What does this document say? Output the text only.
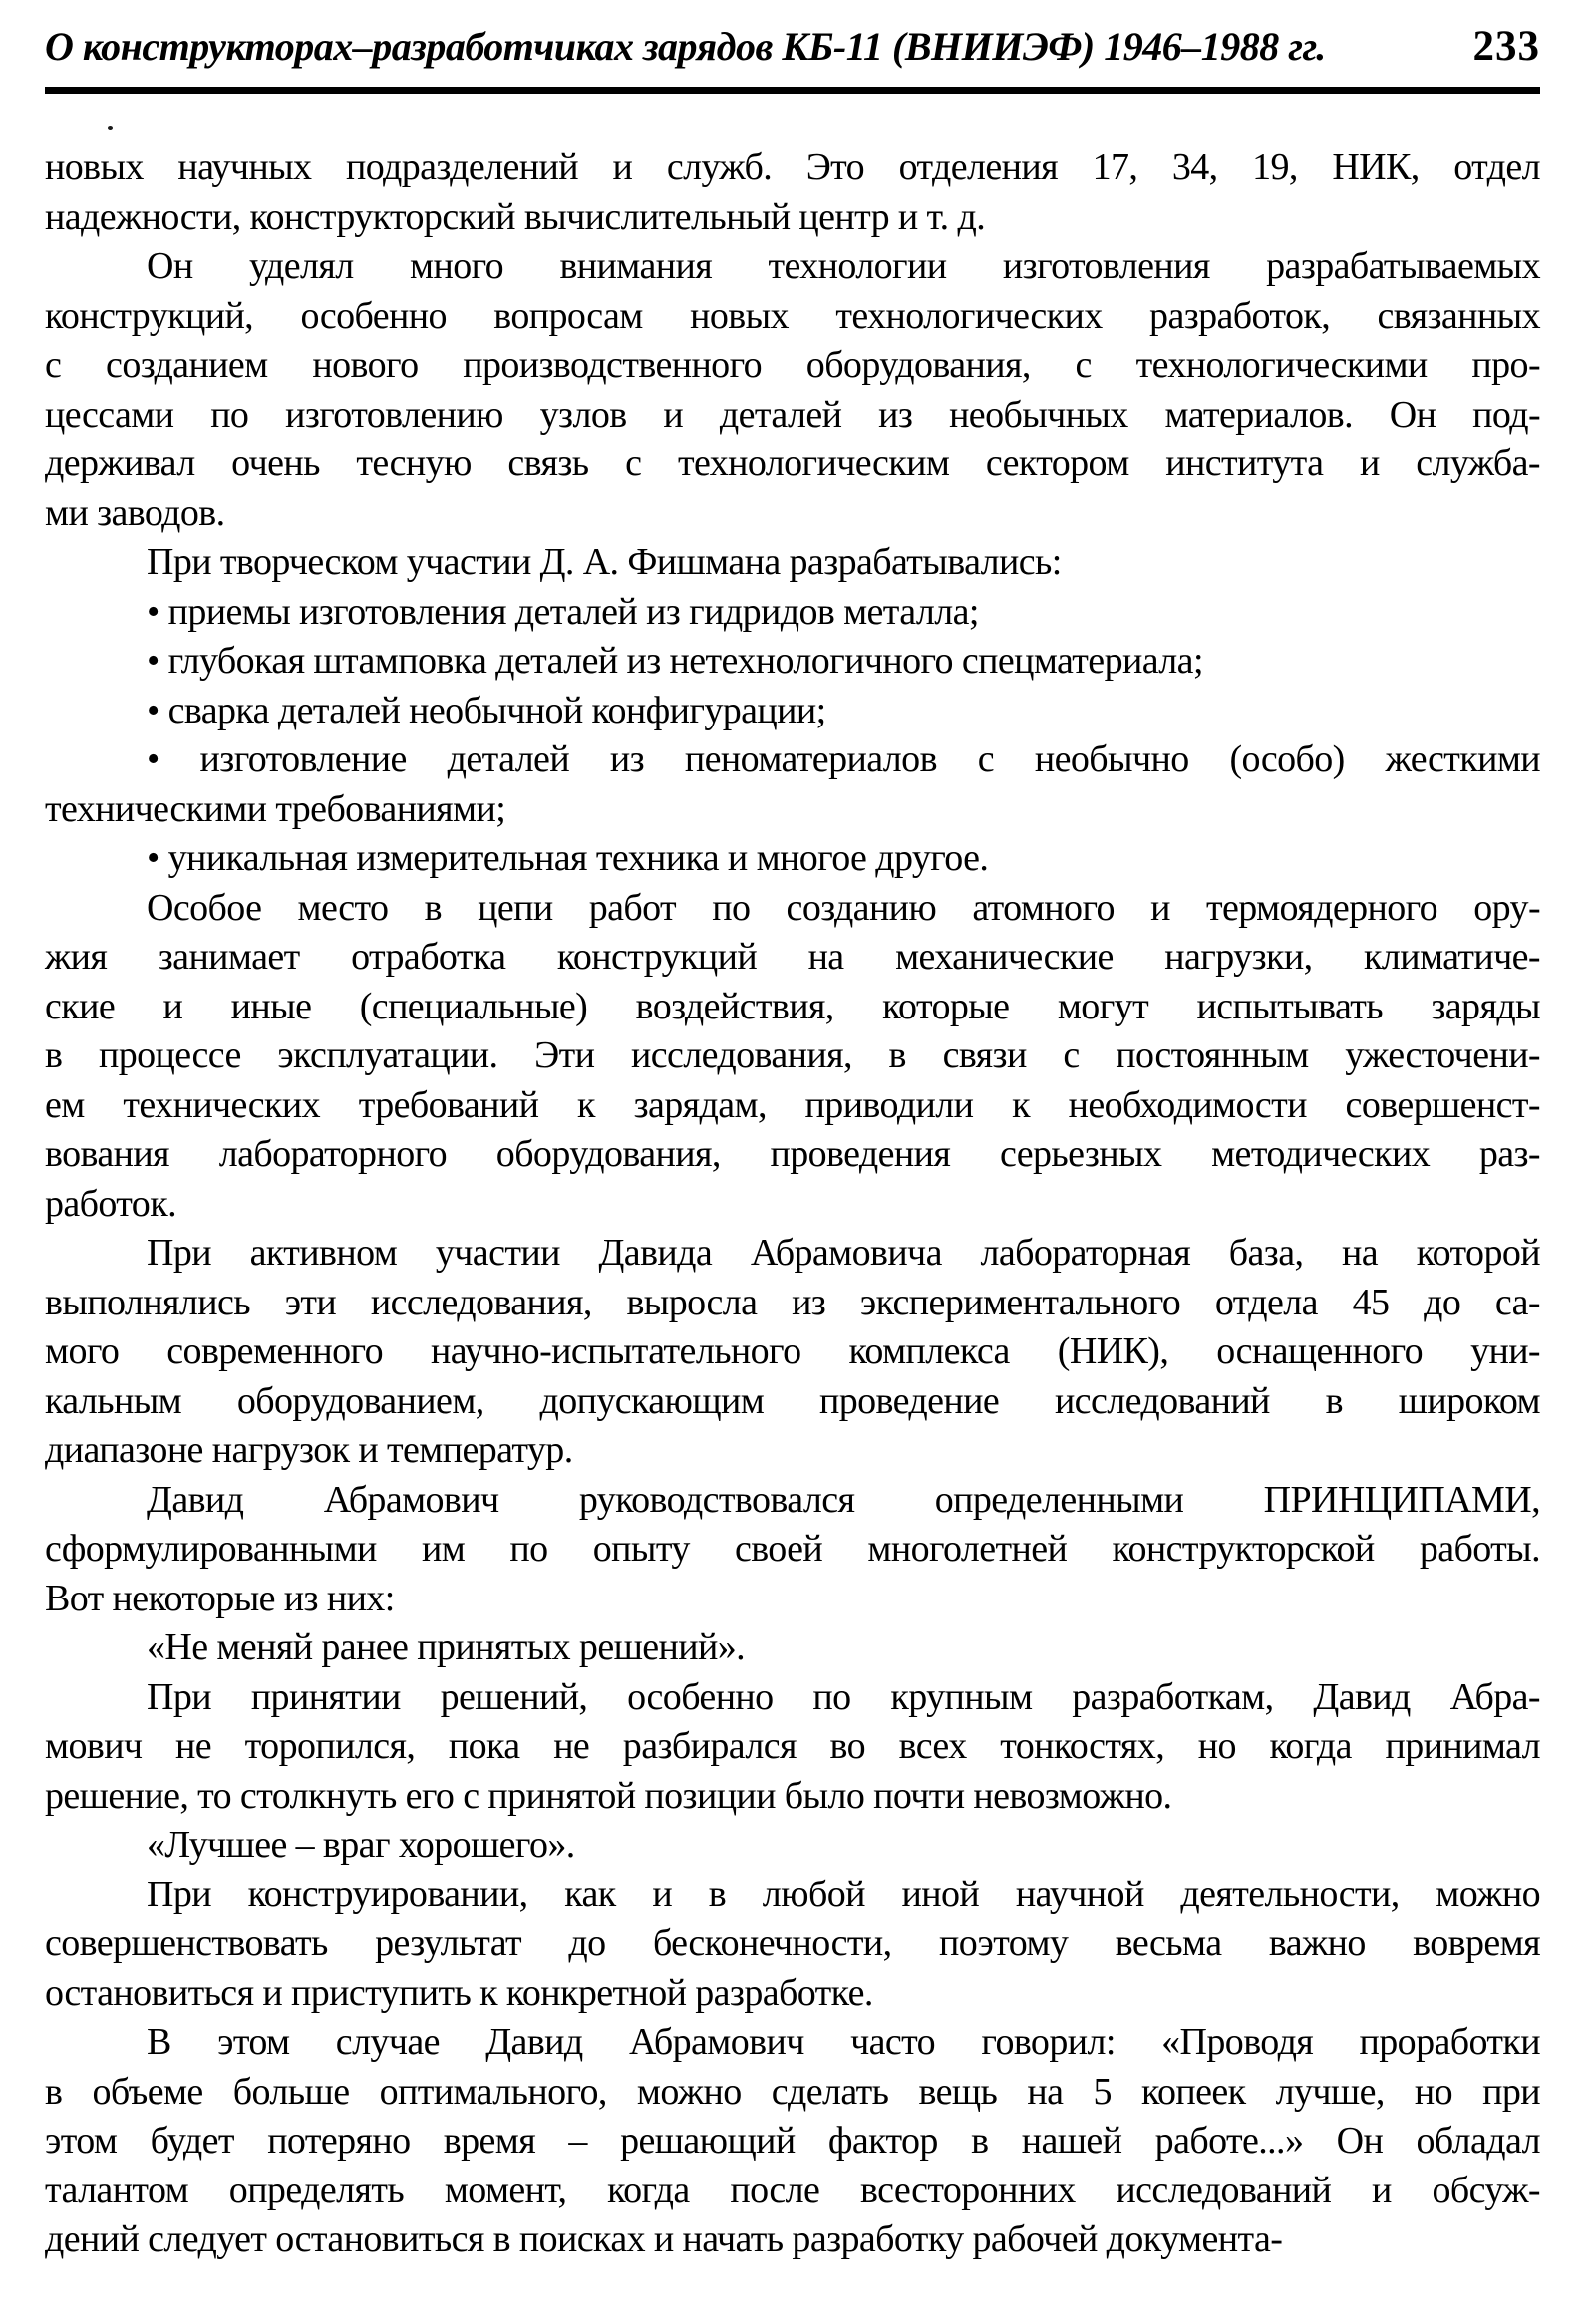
О конструкторах–разработчиках зарядов КБ-11 (ВНИИЭФ) 1946–1988 гг.	233
новых научных подразделений и служб. Это отделения 17, 34, 19, НИК, отдел
надежности, конструкторский вычислительный центр и т. д.
Он уделял много внимания технологии изготовления разрабатываемых
конструкций, особенно вопросам новых технологических разработок, связанных
с созданием нового производственного оборудования, с технологическими про-
цессами по изготовлению узлов и деталей из необычных материалов. Он под-
держивал очень тесную связь с технологическим сектором института и служба-
ми заводов.
При творческом участии Д. А. Фишмана разрабатывались:
• приемы изготовления деталей из гидридов металла;
• глубокая штамповка деталей из нетехнологичного спецматериала;
• сварка деталей необычной конфигурации;
• изготовление деталей из пеноматериалов с необычно (особо) жесткими
техническими требованиями;
• уникальная измерительная техника и многое другое.
Особое место в цепи работ по созданию атомного и термоядерного ору-
жия занимает отработка конструкций на механические нагрузки, климатиче-
ские и иные (специальные) воздействия, которые могут испытывать заряды
в процессе эксплуатации. Эти исследования, в связи с постоянным ужесточени-
ем технических требований к зарядам, приводили к необходимости совершенст-
вования лабораторного оборудования, проведения серьезных методических раз-
работок.
При активном участии Давида Абрамовича лабораторная база, на которой
выполнялись эти исследования, выросла из экспериментального отдела 45 до са-
мого современного научно-испытательного комплекса (НИК), оснащенного уни-
кальным оборудованием, допускающим проведение исследований в широком
диапазоне нагрузок и температур.
Давид Абрамович руководствовался определенными ПРИНЦИПАМИ,
сформулированными им по опыту своей многолетней конструкторской работы.
Вот некоторые из них:
«Не меняй ранее принятых решений».
При принятии решений, особенно по крупным разработкам, Давид Абра-
мович не торопился, пока не разбирался во всех тонкостях, но когда принимал
решение, то столкнуть его с принятой позиции было почти невозможно.
«Лучшее – враг хорошего».
При конструировании, как и в любой иной научной деятельности, можно
совершенствовать результат до бесконечности, поэтому весьма важно вовремя
остановиться и приступить к конкретной разработке.
В этом случае Давид Абрамович часто говорил: «Проводя проработки
в объеме больше оптимального, можно сделать вещь на 5 копеек лучше, но при
этом будет потеряно время – решающий фактор в нашей работе...» Он обладал
талантом определять момент, когда после всесторонних исследований и обсуж-
дений следует остановиться в поисках и начать разработку рабочей документа-
